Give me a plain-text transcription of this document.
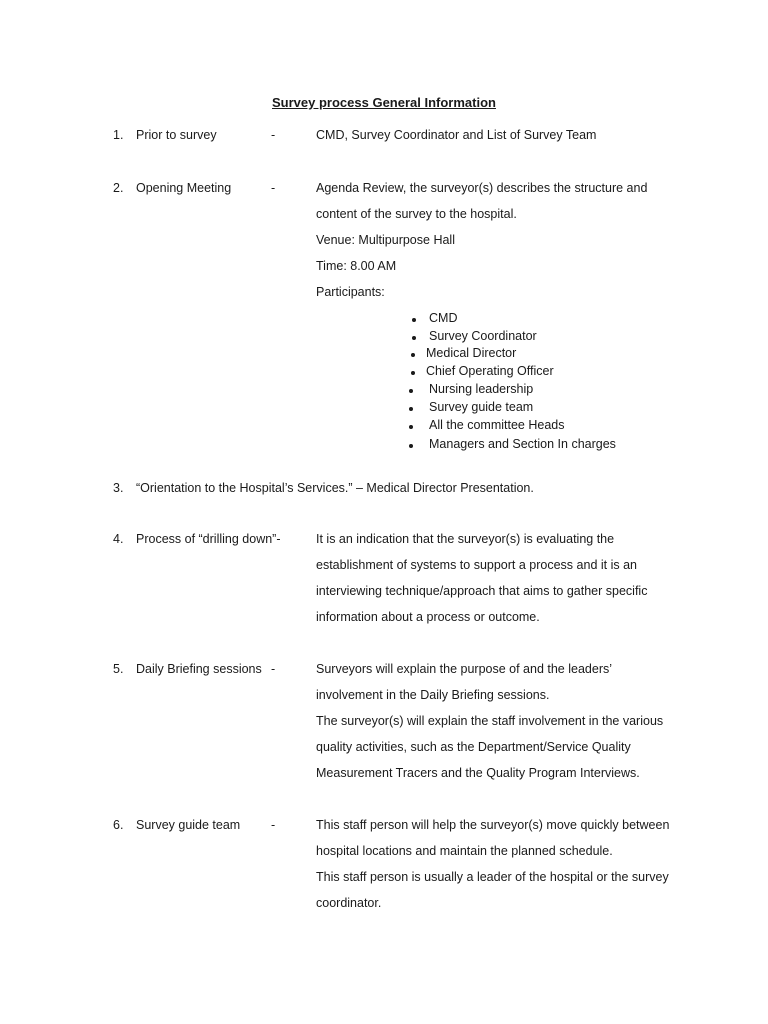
Survey process General Information
1. Prior to survey	-	CMD, Survey Coordinator and List of Survey Team
2. Opening Meeting	-	Agenda Review, the surveyor(s) describes the structure and
content of the survey to the hospital.
Venue: Multipurpose Hall
Time: 8.00 AM
Participants:
CMD
Survey Coordinator
Medical Director
Chief Operating Officer
Nursing leadership
Survey guide team
All the committee Heads
Managers and Section In charges
3. “Orientation to the Hospital’s Services.” – Medical Director Presentation.
4. Process of “drilling down”-	It is an indication that the surveyor(s) is evaluating the
establishment of systems to support a process and it is an
interviewing technique/approach that aims to gather specific
information about a process or outcome.
5. Daily Briefing sessions -	Surveyors will explain the purpose of and the leaders’
involvement in the Daily Briefing sessions.
The surveyor(s) will explain the staff involvement in the various
quality activities, such as the Department/Service Quality
Measurement Tracers and the Quality Program Interviews.
6. Survey guide team -	This staff person will help the surveyor(s) move quickly between
hospital locations and maintain the planned schedule.
This staff person is usually a leader of the hospital or the survey
coordinator.
